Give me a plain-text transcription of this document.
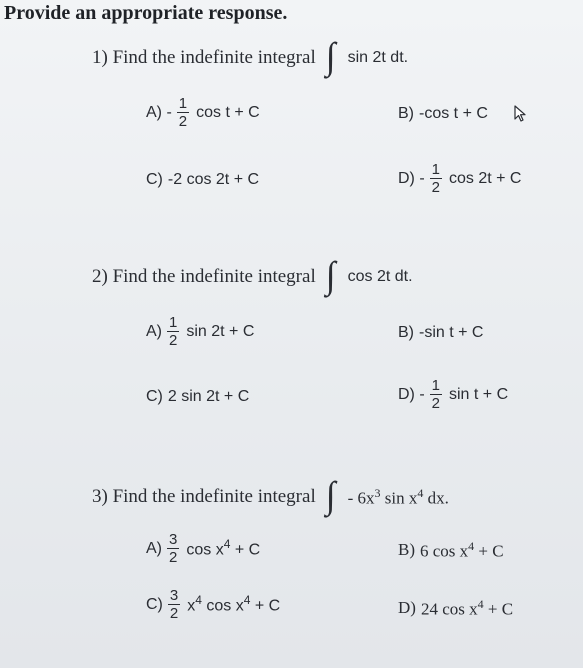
Provide an appropriate response.
1) Find the indefinite integral ∫ sin 2t dt.
$A) - \frac{1}{2}$ cos t + C	B) -cos t + C
C) -2 cos 2t + C	$D) - \frac{1}{2}$ cos 2t + C
2) Find the indefinite integral ∫ cos 2t dt.
$A) \frac{1}{2}$ sin 2t + C	B) -sin t + C
C) 2 sin 2t + C	$D) - \frac{1}{2}$ sin t + C
3) Find the indefinite integral ∫ - $6x^3$ $\sin x^4$ dx.
$A) \frac{3}{2}$ $\cos x^4 + C$	B) 6 $\cos x^4 + C$
$C) \frac{3}{2} x^4$ $\cos x^4 + C$	D) 24 $\cos x^4 + C$
